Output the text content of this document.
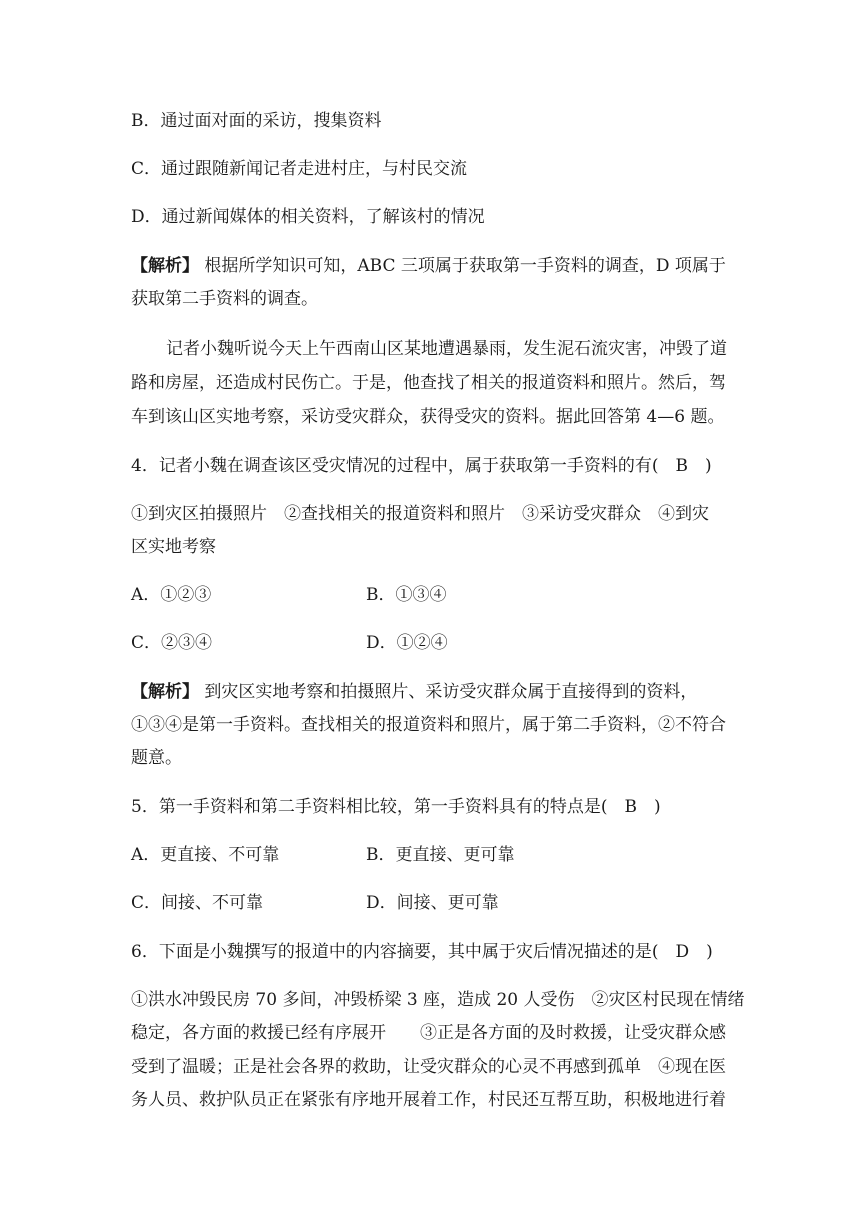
B．通过面对面的采访，搜集资料
C．通过跟随新闻记者走进村庄，与村民交流
D．通过新闻媒体的相关资料，了解该村的情况
【解析】 根据所学知识可知，ABC 三项属于获取第一手资料的调查，D 项属于
获取第二手资料的调查。
记者小魏听说今天上午西南山区某地遭遇暴雨，发生泥石流灾害，冲毁了道
路和房屋，还造成村民伤亡。于是，他查找了相关的报道资料和照片。然后，驾
车到该山区实地考察，采访受灾群众，获得受灾的资料。据此回答第 4—6 题。
4．记者小魏在调查该区受灾情况的过程中，属于获取第一手资料的有(　B　)
①到灾区拍摄照片　②查找相关的报道资料和照片　③采访受灾群众　④到灾
区实地考察
A．①②③	B．①③④
C．②③④	D．①②④
【解析】 到灾区实地考察和拍摄照片、采访受灾群众属于直接得到的资料，
①③④是第一手资料。查找相关的报道资料和照片，属于第二手资料，②不符合
题意。
5．第一手资料和第二手资料相比较，第一手资料具有的特点是(　B　)
A．更直接、不可靠	B．更直接、更可靠
C．间接、不可靠	D．间接、更可靠
6．下面是小魏撰写的报道中的内容摘要，其中属于灾后情况描述的是(　D　)
①洪水冲毁民房 70 多间，冲毁桥梁 3 座，造成 20 人受伤　②灾区村民现在情绪
稳定，各方面的救援已经有序展开　　③正是各方面的及时救援，让受灾群众感
受到了温暖；正是社会各界的救助，让受灾群众的心灵不再感到孤单　④现在医
务人员、救护队员正在紧张有序地开展着工作，村民还互帮互助，积极地进行着
